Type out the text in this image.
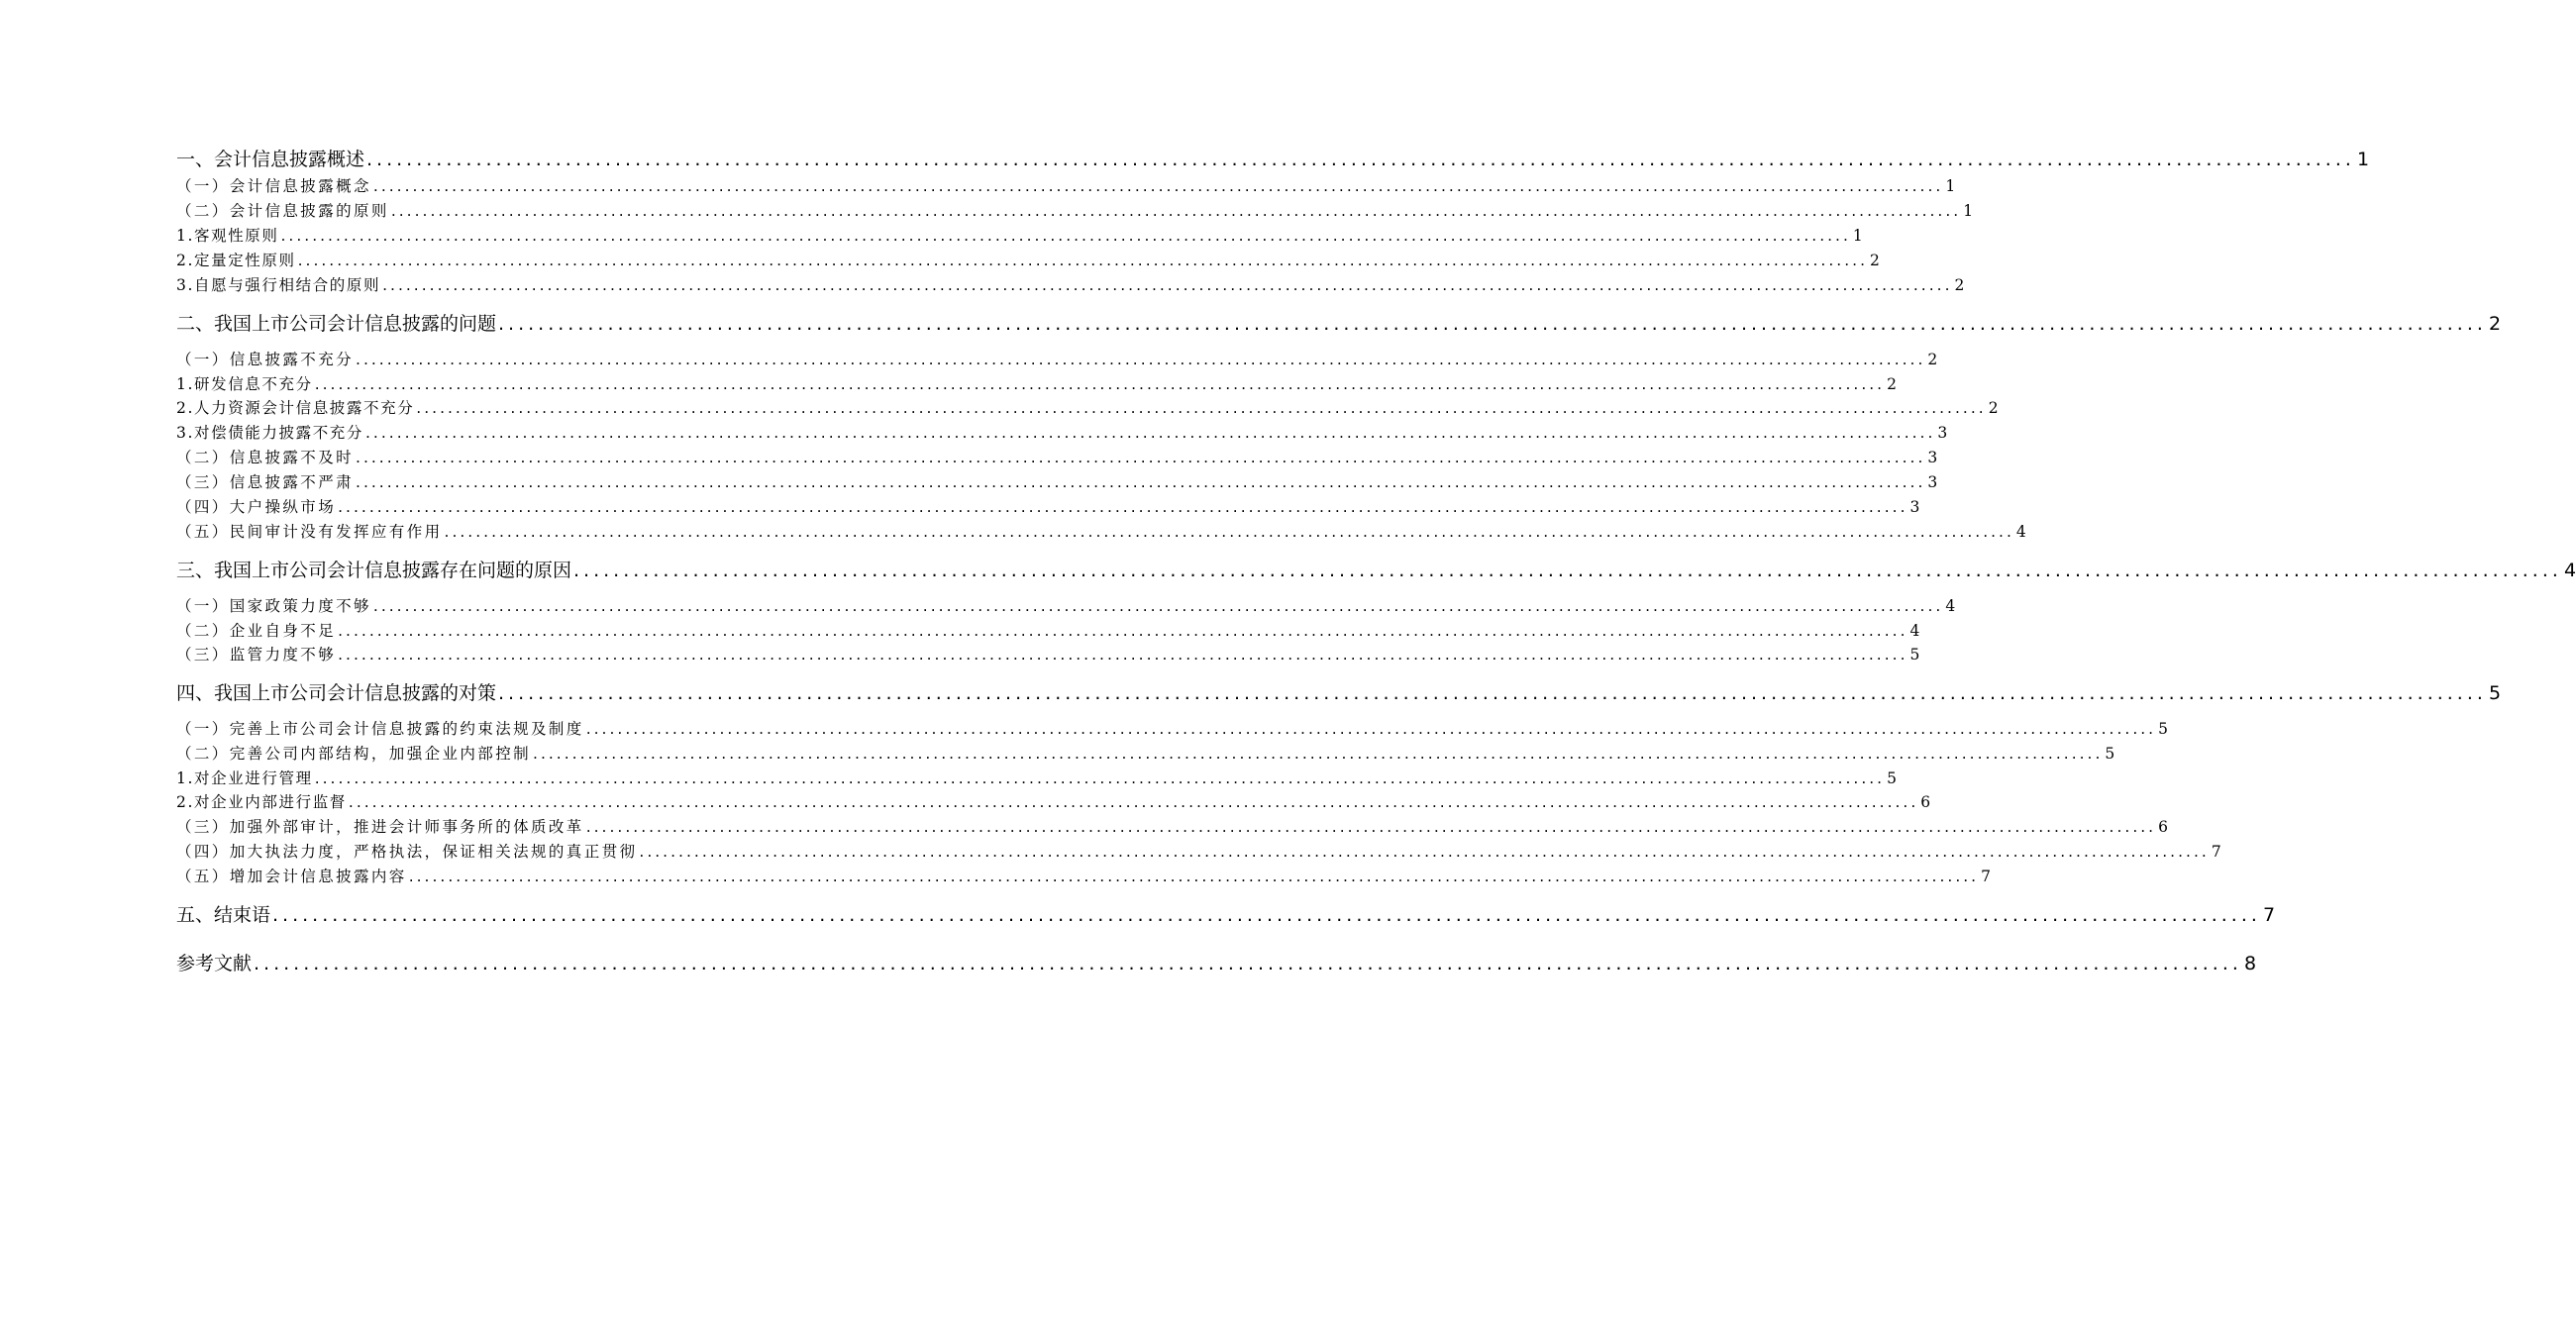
一、会计信息披露概述 ........................................................................................................................................................................................................ 1
（一）会计信息披露概念 ........................................................................................................................................................................................................ 1
（二）会计信息披露的原则 ........................................................................................................................................................................................................ 1
1.客观性原则 ........................................................................................................................................................................................................ 1
2.定量定性原则 ........................................................................................................................................................................................................ 2
3.自愿与强行相结合的原则 ........................................................................................................................................................................................................ 2
二、我国上市公司会计信息披露的问题 ........................................................................................................................................................................................................ 2
（一）信息披露不充分 ........................................................................................................................................................................................................ 2
1.研发信息不充分 ........................................................................................................................................................................................................ 2
2.人力资源会计信息披露不充分 ........................................................................................................................................................................................................ 2
3.对偿债能力披露不充分 ........................................................................................................................................................................................................ 3
（二）信息披露不及时 ........................................................................................................................................................................................................ 3
（三）信息披露不严肃 ........................................................................................................................................................................................................ 3
（四）大户操纵市场 ........................................................................................................................................................................................................ 3
（五）民间审计没有发挥应有作用 ........................................................................................................................................................................................................ 4
三、我国上市公司会计信息披露存在问题的原因 ........................................................................................................................................................................................................ 4
（一）国家政策力度不够 ........................................................................................................................................................................................................ 4
（二）企业自身不足 ........................................................................................................................................................................................................ 4
（三）监管力度不够 ........................................................................................................................................................................................................ 5
四、我国上市公司会计信息披露的对策 ........................................................................................................................................................................................................ 5
（一）完善上市公司会计信息披露的约束法规及制度 ........................................................................................................................................................................................................ 5
（二）完善公司内部结构，加强企业内部控制 ........................................................................................................................................................................................................ 5
1.对企业进行管理 ........................................................................................................................................................................................................ 5
2.对企业内部进行监督 ........................................................................................................................................................................................................ 6
（三）加强外部审计，推进会计师事务所的体质改革 ........................................................................................................................................................................................................ 6
（四）加大执法力度，严格执法，保证相关法规的真正贯彻 ........................................................................................................................................................................................................ 7
（五）增加会计信息披露内容 ........................................................................................................................................................................................................ 7
五、结束语 ........................................................................................................................................................................................................ 7
参考文献 ........................................................................................................................................................................................................ 8
